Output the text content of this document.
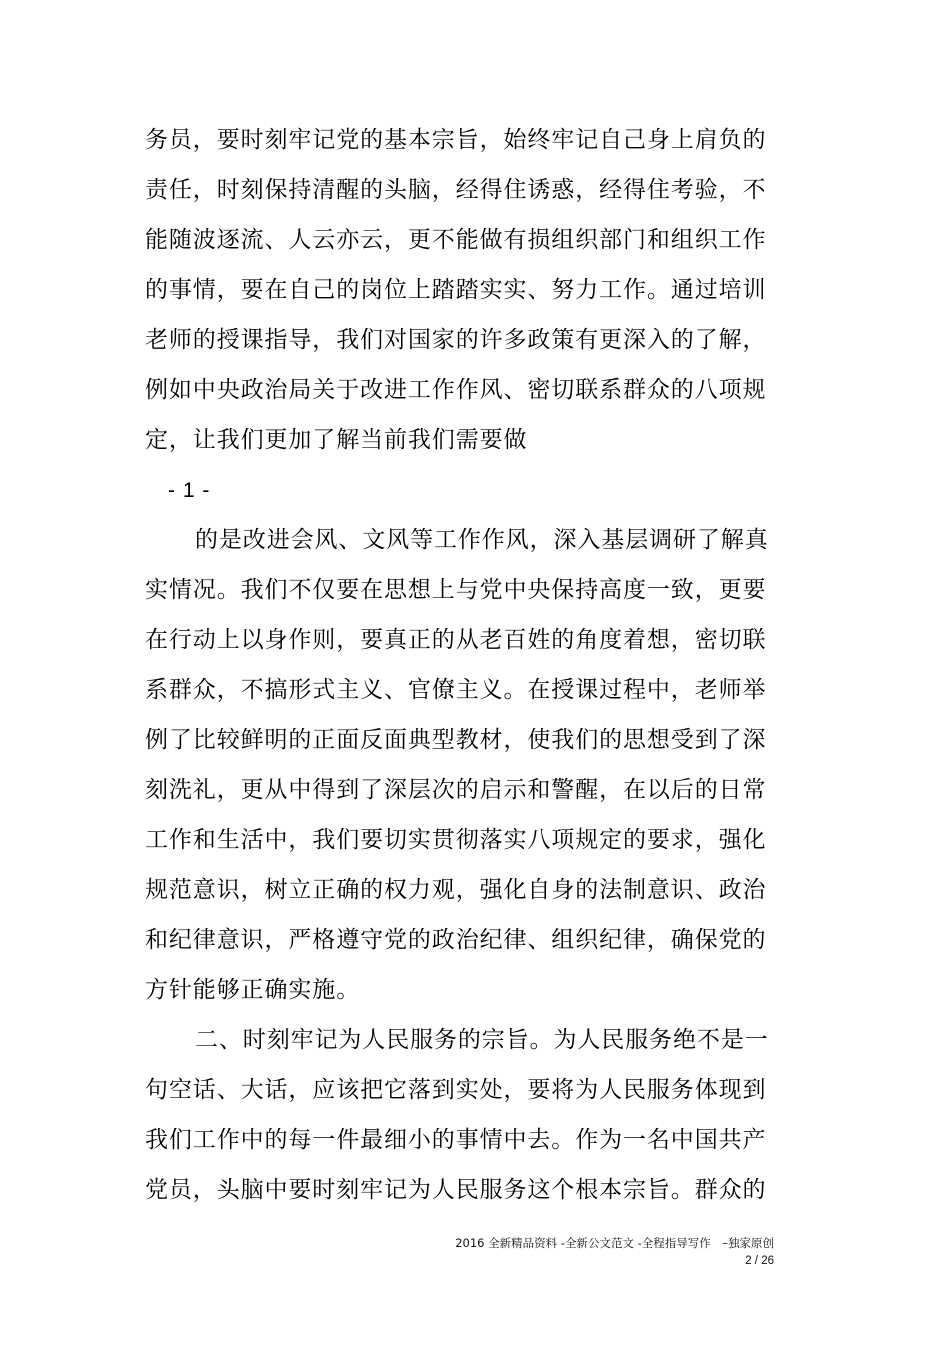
务员，要时刻牢记党的基本宗旨，始终牢记自己身上肩负的
责任，时刻保持清醒的头脑，经得住诱惑，经得住考验，不
能随波逐流、人云亦云，更不能做有损组织部门和组织工作
的事情，要在自己的岗位上踏踏实实、努力工作。通过培训
老师的授课指导，我们对国家的许多政策有更深入的了解，
例如中央政治局关于改进工作作风、密切联系群众的八项规
定，让我们更加了解当前我们需要做
- 1 -
的是改进会风、文风等工作作风，深入基层调研了解真
实情况。我们不仅要在思想上与党中央保持高度一致，更要
在行动上以身作则，要真正的从老百姓的角度着想，密切联
系群众，不搞形式主义、官僚主义。在授课过程中，老师举
例了比较鲜明的正面反面典型教材，使我们的思想受到了深
刻洗礼，更从中得到了深层次的启示和警醒，在以后的日常
工作和生活中，我们要切实贯彻落实八项规定的要求，强化
规范意识，树立正确的权力观，强化自身的法制意识、政治
和纪律意识，严格遵守党的政治纪律、组织纪律，确保党的
方针能够正确实施。
二、时刻牢记为人民服务的宗旨。为人民服务绝不是一
句空话、大话，应该把它落到实处，要将为人民服务体现到
我们工作中的每一件最细小的事情中去。作为一名中国共产
党员，头脑中要时刻牢记为人民服务这个根本宗旨。群众的
2016 全新精品资料 -全新公文范文 -全程指导写作　–独家原创
2 / 26
